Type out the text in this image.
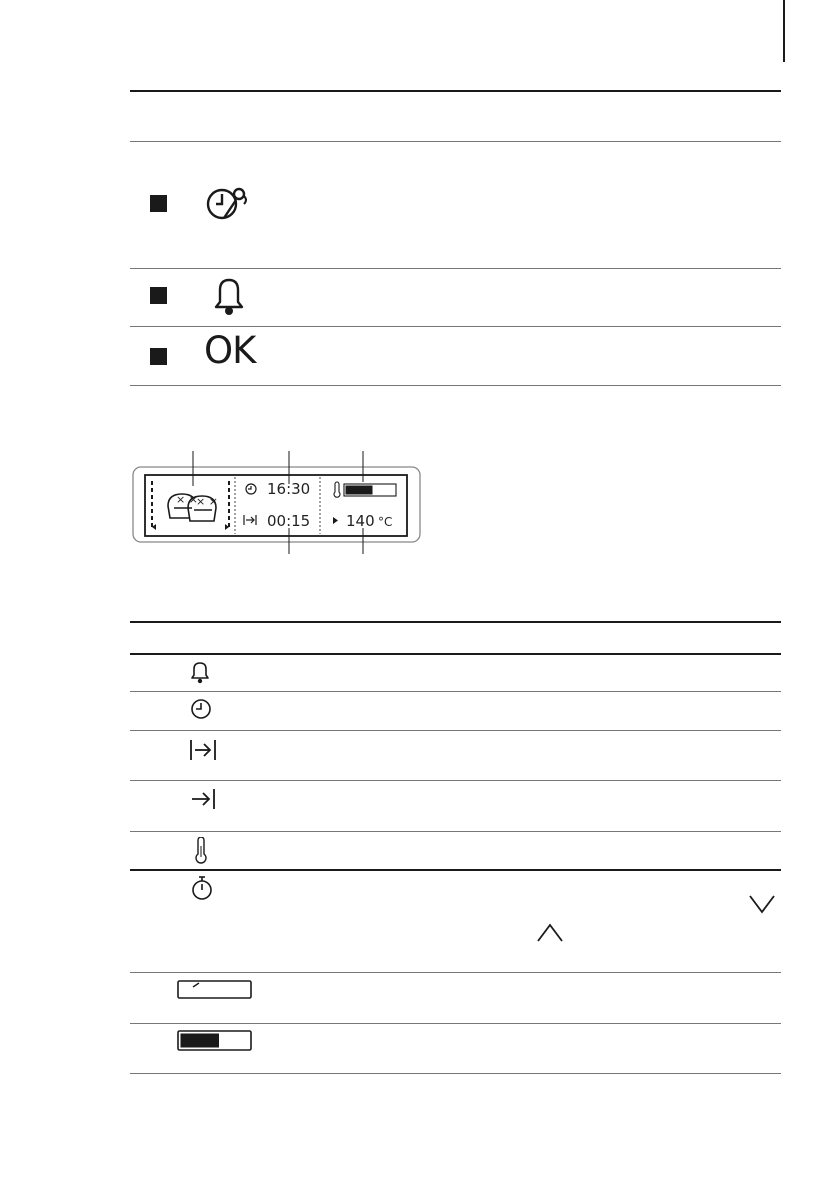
OK
× ×
× ×
16:30
00:15 140 °C
